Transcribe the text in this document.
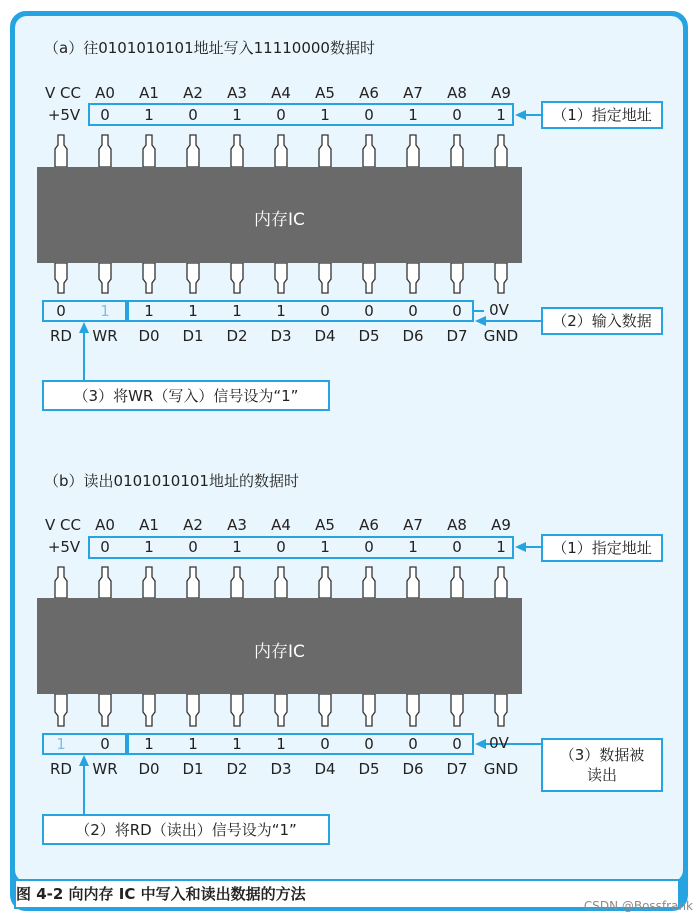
（a）往0101010101地址写入11110000数据时
V CC A0	A1	A2	A3	A4	A5	A6	A7	A8	A9
+5V	0	1	0	1	0	1	0	1	0	1
内存IC
0	1	1	1	1	1	0	0	0	0	0V
RD	WR	D0	D1	D2	D3	D4	D5	D6	D7	GND
（1）指定地址
（2）输入数据
（3）将WR（写入）信号设为“1”
（b）读出0101010101地址的数据时
V CC A0	A1	A2	A3	A4	A5	A6	A7	A8	A9
+5V	0	1	0	1	0	1	0	1	0	1
内存IC
1	0	1	1	1	1	0	0	0	0	0V
RD	WR	D0	D1	D2	D3	D4	D5	D6	D7	GND
（1）指定地址
（3）数据被
读出
（2）将RD（读出）信号设为“1”
图 4-2 向内存 IC 中写入和读出数据的方法
CSDN @Bossfrank
